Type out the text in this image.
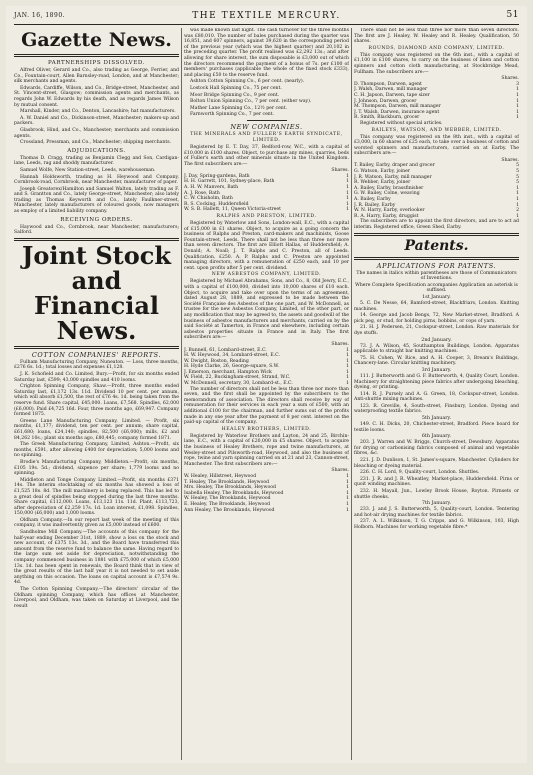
JAN. 16, 1890.	THE TEXTILE MERCURY.	51
Gazette News.
PARTNERSHIPS DISSOLVED.

Alfred Oliver, Gerard and Co., also trading as George, Ferrier, and Co., Fountain-court, Allen Barnsley-road, London, and at Manchester; silk merchants and agents.

Edwards, Cardiffe, Wilson, and Co., Bridge-street, Manchester, and St. Vincent-street, Glasgow; commission agents and merchants, as regards John W. Edwards by his death, and as regards James Wilson by mutual consent.

Marshall, Kinder, and Co., Denton, Lancashire; hat manufacturers.

A. W. Daniel and Co., Dickinson-street, Manchester; makers-up and packers.

Glasbrook, Hind, and Co., Manchester; merchants and commission agents.

Crossland, Pressman, and Co., Manchester; shipping merchants.

ADJUDICATIONS.

Thomas D. Cragg, trading as Benjamin Clegg and Son, Cardigan-lane, Leeds, rag and shoddy manufacturer.

Samuel Wolfe, New Station-street, Leeds, warehouseman.

Hannah Holdsworth, trading as H. Heywood and Company, Cornbrook-road, Cornbrook, near Manchester, manufacturer of paper.

Joseph Greatorex/Hamilton and Samuel Walton, lately trading as F. and S. Grantton and Co., lately George-street, Manchester; also lately trading as Thomas Keyworth and Co., lately Faulkner-street, Manchester, lately manufacturers of coloured goods, now managers as employ of a limited liability company.

RECEIVING ORDERS.

Haywood and Co., Cornbrook, near Manchester, manufacturers; Salford.

Joint Stock and
Financial News.
COTTON COMPANIES' REPORTS.

Fulham Manufacturing Company, Nuneaton. — Loss, three months, £276 6s. 1d.; total losses and expenses £1,128.

J. K. Schofield and Co. Limited, Bury.—Profit, for six months ended Saturday last, £599; 43,000 spindles and 410 looms.

Crighton Spinning Company, Shaw.—Profit, three months ended Saturday last, £1,172 13s. 11d. Dividend 10 per cent. per annum, which will absorb £1,500, the rest of £76 4s. 1d. being taken from the reserve fund. Share capital, £45,000. Loans, £7,568. Spindles, 62,000 (£6,000). Paid £4,725 16d. Four, three months ago, £69,947. Company formed 1875.

Greens Lane Manufacturing Company, Limited. — Profit, six months, £1,177; dividend, ten per cent. per annum; share capital, £61,680; loans, £24,140; spindles, 82,500 (£6,000); mills, £2 and 84,262 10s.; plant six months ago, £80,445; company formed 1871.

The Greek Manufacturing Company, Limited, Ashton.—Profit, six months, £591, after allowing £400 for depreciation; 5,000 looms and no spinning.

Brodie's Manufacturing Company, Middleton.—Profit, six months, £105 19s. 5d.; dividend, sixpence per share; 1,779 looms and no spinning.

Middleton and Tonge Company Limited.—Profit, six months £371 14s. The interim stocktaking of six months has showed a loss of £1,525 18s. 8d. The mill machinery is being replaced. This has led to a great deal of spindles being stopped during the last three months. Share capital, £112,000. Loans, £13,123 11s. 11d. Plant, £113,723, after depreciation of £2,259 17s. 1d. Loan interest, £1,098. Spindles, 150,000 (£6,000) and 1,000 looms.

Oldham Company.—In our report last week of the meeting of this company, it was inadvertently given as £5,000 instead of £600.

Sandholme Mill Company.—The accounts of this company for the half-year ending December 31st, 1889, show a loss on the stock and new account, of £375 13s. 3d., and the Board have transferred this amount from the reserve fund to balance the same. Having regard to the large sum set aside for depreciation, notwithstanding the company commenced business in 1881 with £75,000 of which £5,000 13s. 1d. has been spent in renewals, the Board think that in view of the great results of the last half year it is not needed to set aside anything on this occasion. The loans on capital account is £7,574 9s. 4d.

The Cotton Spinning Company.—The directors' circular of the Oldham spinning Company, which has offices at Manchester, Liverpool, and Oldham, was taken on Saturday at Liverpool, and the result

was made known last night. The cash turnover for the three months was £80,010. The number of bales purchased during the quarter was 16,851, and 607 spinners, against 39,620 in the corresponding period of the previous year (which was the highest quarter) and 20,102 in the preceding quarter. The profit realised was £2,292 13s.; and after allowing for share interest, the sum disposable is £3,000 out of which the directors recommend the payment of a bonus of 7s. per £100 of members' purchases (applicable the whole of the fixed stock £333), and placing £50 to the reserve fund.

Ashton Cotton Spinning Co., 6 per cent. (nearly).

Lostock Hall Spinning Co., 75 per cent.

Moor Bridge Spinning Co., 9 per cent.

Bolton Union Spinning Co., 7 per cent. (either way).

Mather Lane Spinning Co., 12½ per cent.

Farnworth Spinning Co., 7 per cent.

NEW COMPANIES.
THE MINERALS AND FULLER'S EARTH SYNDICATE, LIMITED.

Registered by E. T. Day, 37, Bedford-row, W.C., with a capital of £10,000 in £100 shares. Object, to purchase any mines, quarries, beds of Fuller's earth and other minerals situate in the United Kingdom. The first subscribers are:—

Shares.
J. Day, Spring-gardens, Bath	1
H. H. Garrett, 101, Sydney-place, Bath	1
A. H. W. Manvers, Bath	1
A. J. Rose, Bath	1
C. W. Chisholm, Bath	1
R. S. Cocking, Huddersfield	1
W. S. B. Hallett, 11, Queen Victoria-street	1
RALPHS AND PRESTON, LIMITED.

Registered by Waterlow and Sons, London-wall, E.C., with a capital of £15,000 in £1 shares. Object, to acquire as a going concern the business of Ralphs and Preston, card-makers and machinists, Goose Fountain-street, Leeds. There shall not be less than three nor more than seven directors. The first are Elliott Hallas, of Huddersfield; A. Donald; A. Noall; J. T. Ralphs and C. Preston, all of Leeds. Qualification, £250. A. P. Ralphs and C. Preston are appointed managing directors, with a remuneration of £250 each, and 10 per cent. upon profits after 5 per cent. dividend.

NEW ASBESTOS COMPANY, LIMITED.

Registered by Michael Abrahams, Sons, and Co., 8, Old Jewry, E.C., with a capital of £100,000, divided into 10,000 shares of £10 each. Object, to acquire and take over upon the terms of an agreement, dated August 28, 1889, and expressed to be made between the Société Française des Asbestos of the one part, and W. McDonnell, as trustee for the new Asbestos Company, Limited, of the other part, or any modification that may be agreed to, the assets and goodwill of the business of asbestos manufacturers and merchants, carried on by the said Société at Tamerton, in France and elsewhere, including certain asbestos properties situate in France and in Italy. The first subscribers are:—

Shares.
J. Bunnell, 61, Lombard-street, E.C.	1
H. W. Heywood, 34, Lombard-street, E.C.	1
W. Dwight, Boston, Reading	1
H. Hyde Clarke, 26, George-square, S.W.	1
J. Emerson, merchant, Hampton Wick	1
W. Field, 22, Buckingham-street, Strand, W.C.	1
W. McDonnell, secretary, 30, Lombard-st., E.C.	1

The number of directors shall not be less than three nor more than seven, and the first shall be appointed by the subscribers to the memorandum of association. The directors shall receive by way of remuneration for their services in each year a sum of £500, with an additional £100 for the chairman, and further sums out of the profits made in any one year after the payment of 8 per cent. interest on the paid-up capital of the company.

HEALEY BROTHERS, LIMITED.

Registered by Waterlow Brothers and Layton, 24 and 25, Birchin-lane, E.C., with a capital of £20,000 in £5 shares. Object, to acquire the business of Healey Brothers, rope and twine manufacturers, at Wesley-street and Pilsworth-road, Heywood, and also the business of rope, twine and yarn spinning carried on at 21 and 23, Cannon-street, Manchester. The first subscribers are:—

Shares.
W. Healey, Hillstreet, Heywood	1
T. Healey, The Brooklands, Heywood	1
Mrs. Healey, The Brooklands, Heywood	1
Isabella Healey, The Brooklands, Heywood	1
W. Healey, The Brooklands, Heywood	1
E. Healey, The Brooklands, Heywood	1
Ann Healey, The Brooklands, Heywood	1

There shall not be less than three nor more than seven directors. The first are J. Healey, W. Healey and R. Healey. Qualification, 50 shares.

ROUNDS, DIAMOND AND COMPANY, LIMITED.

This company was registered on the 6th inst., with a capital of £1,100 in £100 shares, to carry on the business of linen and cotton spinners and cotton cloth manufacturing, at Stockbridge Mead, Fullham. The subscribers are:—

Shares.
D. Thompson, Darwen, agent	3
J. Walsh, Darwen, mill manager	1
C. H. Japson, Darwen, tape sizer	1
J. Johnson, Darwen, grocer	1
M. Thompson, Darwen, mill manager	1
J. T. Walsh, Darwen, insurance agent	1
R. Smith, Blackburn, grocer	1

Registered without special articles.

BAILEYS, WATSON, AND WEBBER, LIMITED.

This company was registered on the 8th inst., with a capital of £3,000, in 60 shares of £25 each, to take over a business of cotton and worsted spinners and manufacturers, carried on at Earby. The subscribers are:—

Shares.
T. Bailey, Earby, draper and grocer	5
G. Watson, Earby, joiner	5
J. R. Watson, Earby, mill manager	5
R. Webber, Earby, joiner	5
A. Bailey, Earby, brassfinisher	1
G. W. Bailey, Colne, weaving	1
A. Bailey, Earby	1
J. R. Bailey, Earby	1
W. N. Harry, Earby, overlooker	2
R. A. Harry, Earby, druggist	1

The subscribers are to appoint the first directors, and are to act ad interim. Registered office, Green Shed, Earby.

Patents.
APPLICATIONS FOR PATENTS.

The names in italics within parentheses are those of Communicators of Inventions.

Where Complete Specification accompanies Application an asterisk is suffixed.

1st January.

5. C. De Nesse, 64, Bamford-street, Blackfriars, London. Knitting machines.

14. George and Jacob Bengs, 72, New Market-street, Bradford. A pick peg, or stud, for holding pirns, bobbins, or cops of yarn.

21. H. J. Pedersen, 21, Cockspur-street, London. Raw materials for dye stuffs.

2nd January.

73. J. A. Wilson, 45, Southampton Buildings, London. Apparatus applicable to straight bar knitting machines.

75. H. Cohen, W. Rice, and A. H. Cooper, 3, Bream's Buildings, Chancery-lane. Circular knitting machinery.

3rd January.

111. J. Butterworth and G. F. Butterworth, 4, Quality Court, London. Machinery for straightening piece fabrics after undergoing bleaching, dyeing, or printing.

114. R. J. Pursely and A. G. Green, 18, Cockspur-street, London. Anti-shuttle mixing machines.

123. R. Greville, 4, South-street, Finsbury, London. Dyeing and waterproofing textile fabrics.

5th January.

149. C. H. Dicks, 20, Chichester-street, Bradford. Piece board for textile looms.

6th January.

203. J. Warren and W. Briggs, Church-street, Dewsbury. Apparatus for drying or carbonising fabrics composed of animal and vegetable fibres, &c.

221. J. D. Dunlison, 1, St. James's-square, Manchester. Cylinders for bleaching or dyeing material.

226. C. H. Lord, 9, Quality-court, London. Shuttles.

231. J. R. and J. R. Wheatley, Market-place, Huddersfield. Pirns or quoit winding machines.

232. H. Mayall, Jun., Lowley Brook House, Royton. Pirnsets or shuttle cheeks.

7th January.

233. J. and J. S. Butterworth, 5, Quality-court, London. Tentering and hot-air drying machines for textile fabrics.

237. A. L. Wilkinson, T. G. Cripps, and G. Wilkinson, 103, High Holborn. Machines for working vegetable fibre.*
